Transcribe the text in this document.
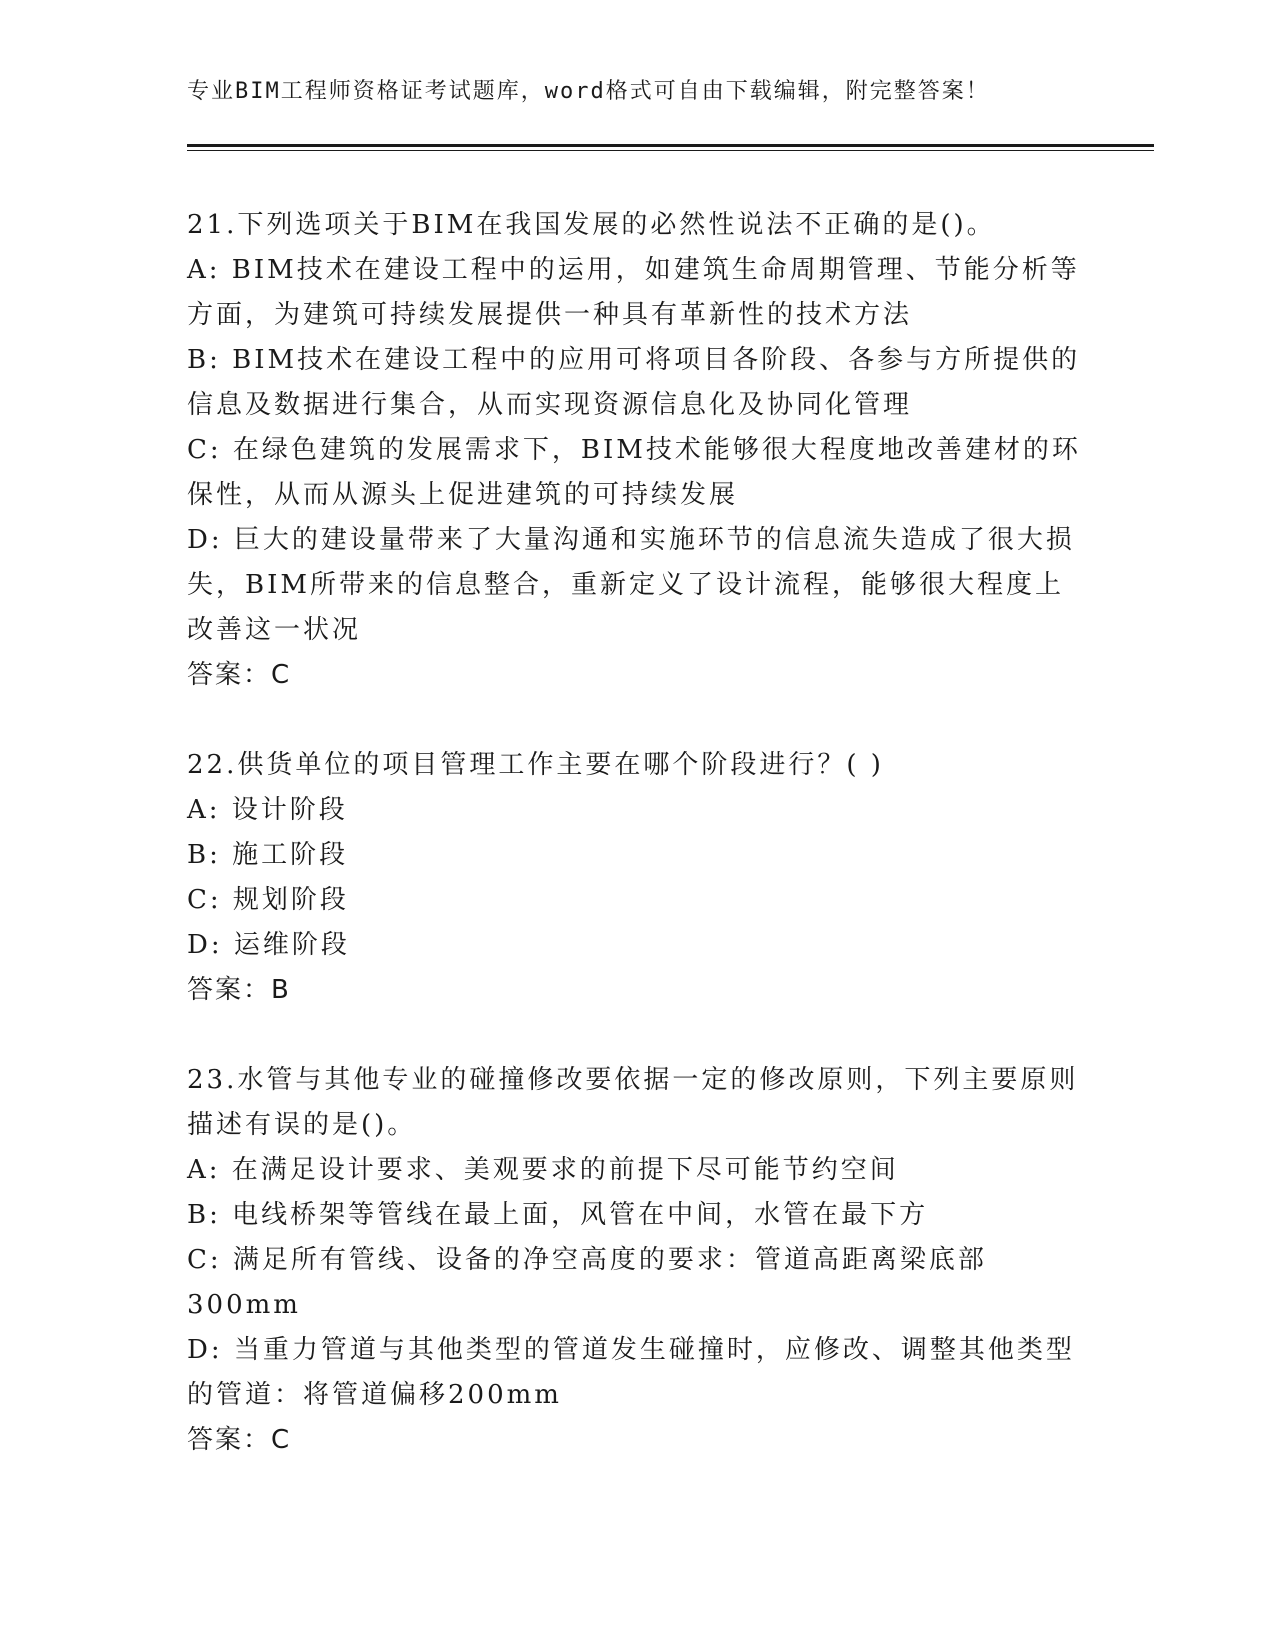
专业BIM工程师资格证考试题库，word格式可自由下载编辑，附完整答案！

21.下列选项关于BIM在我国发展的必然性说法不正确的是()。

A: BIM技术在建设工程中的运用，如建筑生命周期管理、节能分析等方面，为建筑可持续发展提供一种具有革新性的技术方法

B: BIM技术在建设工程中的应用可将项目各阶段、各参与方所提供的信息及数据进行集合，从而实现资源信息化及协同化管理

C: 在绿色建筑的发展需求下，BIM技术能够很大程度地改善建材的环保性，从而从源头上促进建筑的可持续发展

D: 巨大的建设量带来了大量沟通和实施环节的信息流失造成了很大损失，BIM所带来的信息整合，重新定义了设计流程，能够很大程度上改善这一状况

答案：C

22.供货单位的项目管理工作主要在哪个阶段进行？( )

A: 设计阶段

B: 施工阶段

C: 规划阶段

D: 运维阶段

答案：B

23.水管与其他专业的碰撞修改要依据一定的修改原则，下列主要原则描述有误的是()。

A: 在满足设计要求、美观要求的前提下尽可能节约空间

B: 电线桥架等管线在最上面，风管在中间，水管在最下方

C: 满足所有管线、设备的净空高度的要求：管道高距离梁底部300mm

D: 当重力管道与其他类型的管道发生碰撞时，应修改、调整其他类型的管道：将管道偏移200mm

答案：C
